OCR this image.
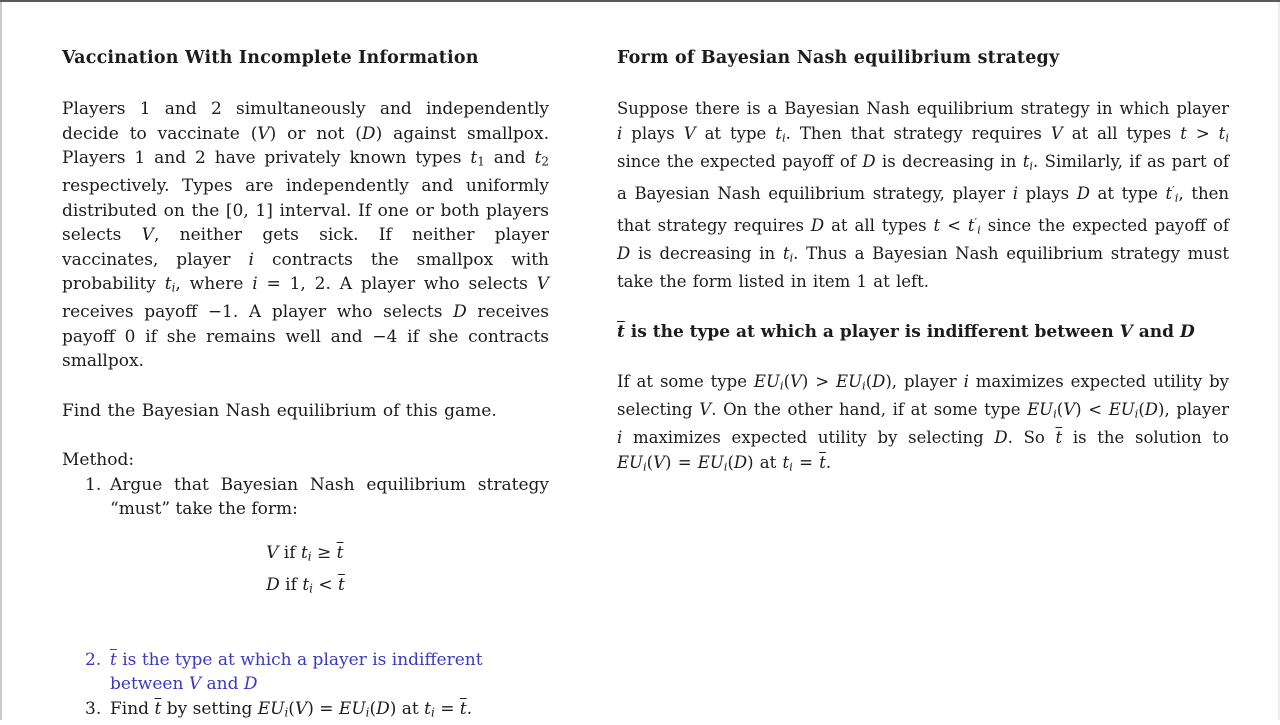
Vaccination With Incomplete Information

Players 1 and 2 simultaneously and independently decide to vaccinate (V) or not (D) against smallpox. Players 1 and 2 have privately known types $t_1$ and $t_2$ respectively. Types are independently and uniformly distributed on the [0, 1] interval. If one or both players selects V, neither gets sick. If neither player vaccinates, player i contracts the smallpox with probability $t_i$, where i = 1, 2. A player who selects V receives payoff −1. A player who selects D receives payoff 0 if she remains well and −4 if she contracts smallpox.

Find the Bayesian Nash equilibrium of this game.

Method:

1. Argue that Bayesian Nash equilibrium strategy “must” take the form:
V if $t_i \ge \overline{t}$
D if $t_i < \overline{t}$
2. $\overline{t}$ is the type at which a player is indifferent between V and D
3. Find $\overline{t}$ by setting $EU_i(V) = EU_i(D)$ at $t_i = \overline{t}$.
Form of Bayesian Nash equilibrium strategy

Suppose there is a Bayesian Nash equilibrium strategy in which player i plays V at type $t_i$. Then that strategy requires V at all types $t > t_i$ since the expected payoff of D is decreasing in $t_i$. Similarly, if as part of a Bayesian Nash equilibrium strategy, player i plays D at type $t'_i$, then that strategy requires D at all types $t < t'_i$ since the expected payoff of D is decreasing in $t_i$. Thus a Bayesian Nash equilibrium strategy must take the form listed in item 1 at left.

$\overline{t}$ is the type at which a player is indifferent between V and D

If at some type $EU_i(V) > EU_i(D)$, player i maximizes expected utility by selecting V. On the other hand, if at some type $EU_i(V) < EU_i(D)$, player i maximizes expected utility by selecting D. So $\overline{t}$ is the solution to $EU_i(V) = EU_i(D)$ at $t_i = \overline{t}$.
